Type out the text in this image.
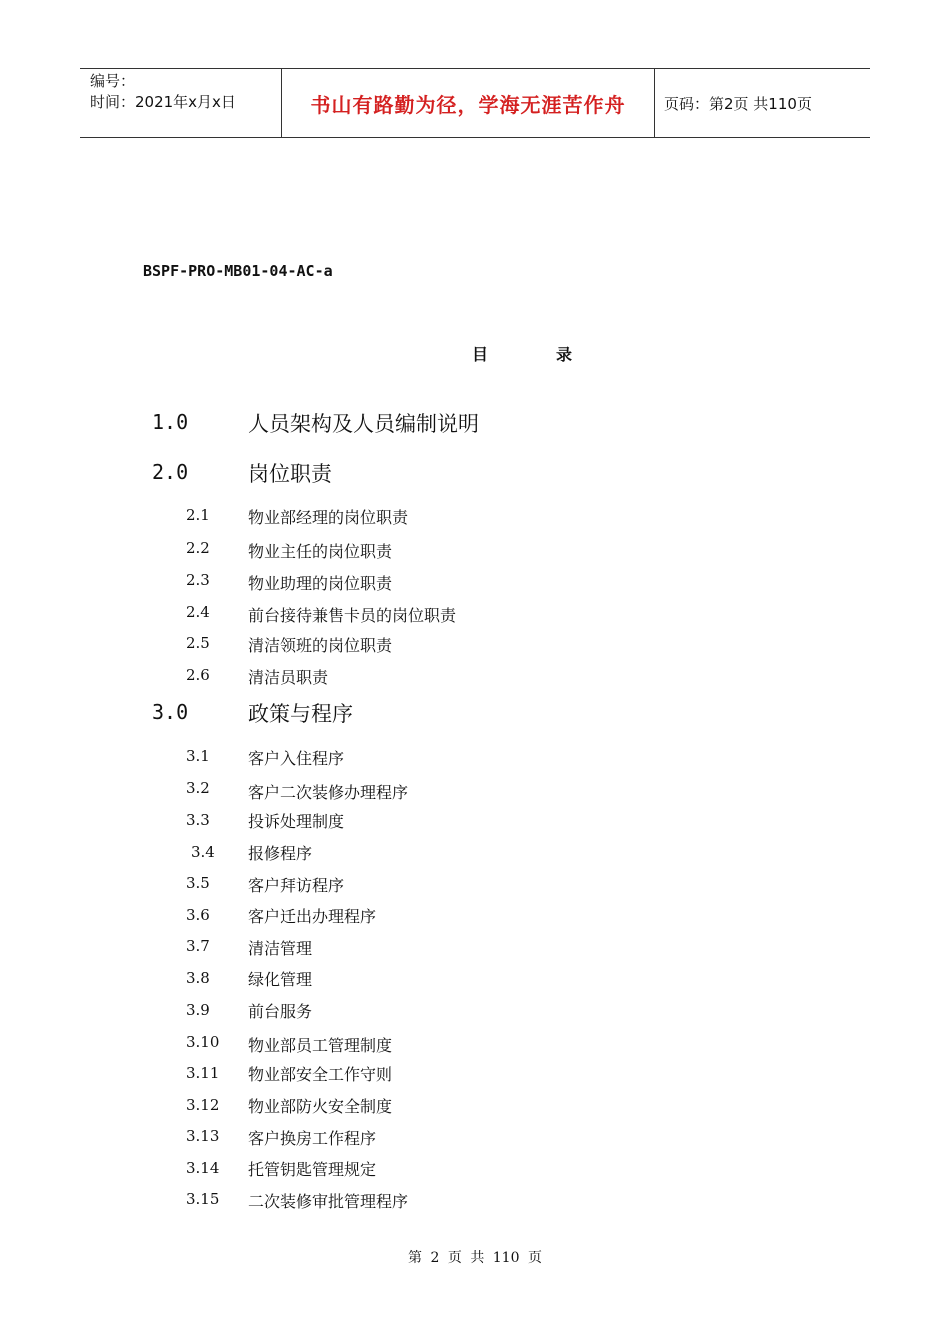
编号：
时间：2021年x月x日	书山有路勤为径，学海无涯苦作舟	页码：第2页 共110页
BSPF-PRO-MB01-04-AC-a
目	录
1.0	人员架构及人员编制说明
2.0	岗位职责
2.1 物业部经理的岗位职责
2.2 物业主任的岗位职责
2.3 物业助理的岗位职责
2.4 前台接待兼售卡员的岗位职责
2.5 清洁领班的岗位职责
2.6 清洁员职责
3.0	政策与程序
3.1 客户入住程序
3.2 客户二次装修办理程序
3.3 投诉处理制度
3.4 报修程序
3.5 客户拜访程序
3.6 客户迁出办理程序
3.7 清洁管理
3.8 绿化管理
3.9 前台服务
3.10 物业部员工管理制度
3.11 物业部安全工作守则
3.12 物业部防火安全制度
3.13 客户换房工作程序
3.14 托管钥匙管理规定
3.15 二次装修审批管理程序
第 2 页 共 110 页
